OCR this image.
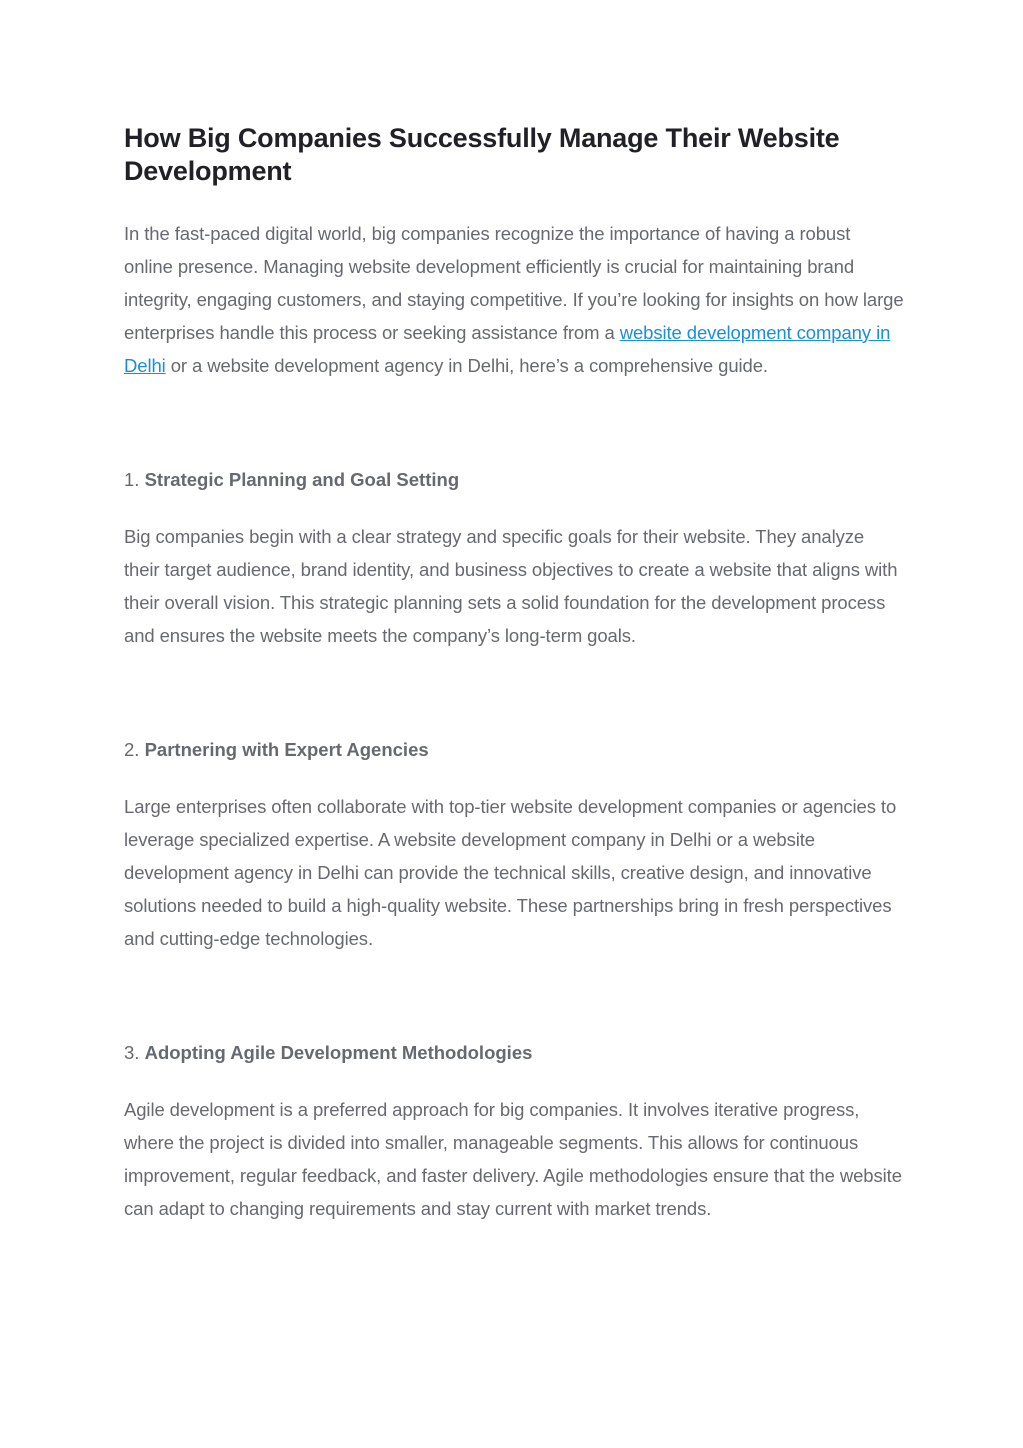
How Big Companies Successfully Manage Their Website Development

In the fast-paced digital world, big companies recognize the importance of having a robust online presence. Managing website development efficiently is crucial for maintaining brand integrity, engaging customers, and staying competitive. If you’re looking for insights on how large enterprises handle this process or seeking assistance from a website development company in Delhi or a website development agency in Delhi, here’s a comprehensive guide.

1. Strategic Planning and Goal Setting

Big companies begin with a clear strategy and specific goals for their website. They analyze their target audience, brand identity, and business objectives to create a website that aligns with their overall vision. This strategic planning sets a solid foundation for the development process and ensures the website meets the company’s long-term goals.

2. Partnering with Expert Agencies

Large enterprises often collaborate with top-tier website development companies or agencies to leverage specialized expertise. A website development company in Delhi or a website development agency in Delhi can provide the technical skills, creative design, and innovative solutions needed to build a high-quality website. These partnerships bring in fresh perspectives and cutting-edge technologies.

3. Adopting Agile Development Methodologies

Agile development is a preferred approach for big companies. It involves iterative progress, where the project is divided into smaller, manageable segments. This allows for continuous improvement, regular feedback, and faster delivery. Agile methodologies ensure that the website can adapt to changing requirements and stay current with market trends.
